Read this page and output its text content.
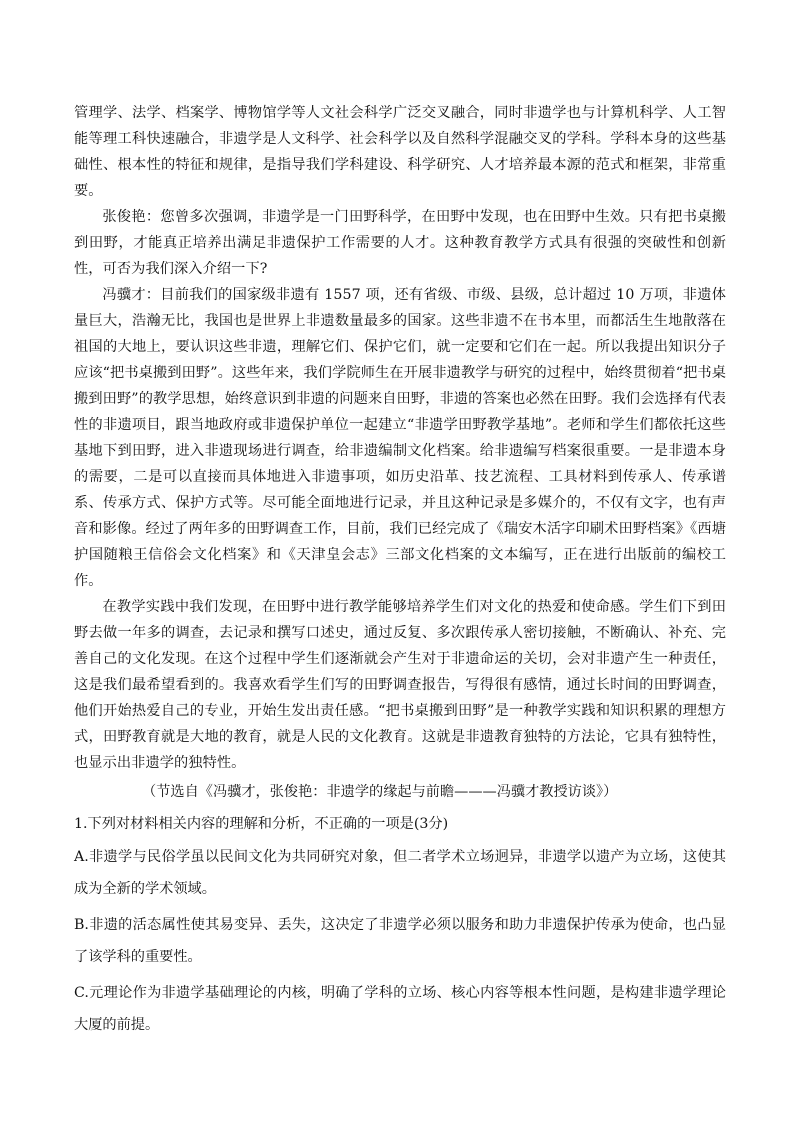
管理学、法学、档案学、博物馆学等人文社会科学广泛交叉融合，同时非遗学也与计算机科学、人工智能等理工科快速融合，非遗学是人文科学、社会科学以及自然科学混融交叉的学科。学科本身的这些基础性、根本性的特征和规律，是指导我们学科建设、科学研究、人才培养最本源的范式和框架，非常重要。

张俊艳：您曾多次强调，非遗学是一门田野科学，在田野中发现，也在田野中生效。只有把书桌搬到田野，才能真正培养出满足非遗保护工作需要的人才。这种教育教学方式具有很强的突破性和创新性，可否为我们深入介绍一下?

冯骥才：目前我们的国家级非遗有 1557 项，还有省级、市级、县级，总计超过 10 万项，非遗体量巨大，浩瀚无比，我国也是世界上非遗数量最多的国家。这些非遗不在书本里，而都活生生地散落在祖国的大地上，要认识这些非遗，理解它们、保护它们，就一定要和它们在一起。所以我提出知识分子应该“把书桌搬到田野”。这些年来，我们学院师生在开展非遗教学与研究的过程中，始终贯彻着“把书桌搬到田野”的教学思想，始终意识到非遗的问题来自田野，非遗的答案也必然在田野。我们会选择有代表性的非遗项目，跟当地政府或非遗保护单位一起建立“非遗学田野教学基地”。老师和学生们都依托这些基地下到田野，进入非遗现场进行调查，给非遗编制文化档案。给非遗编写档案很重要。一是非遗本身的需要，二是可以直接而具体地进入非遗事项，如历史沿革、技艺流程、工具材料到传承人、传承谱系、传承方式、保护方式等。尽可能全面地进行记录，并且这种记录是多媒介的，不仅有文字，也有声音和影像。经过了两年多的田野调查工作，目前，我们已经完成了《瑞安木活字印刷术田野档案》《西塘护国随粮王信俗会文化档案》和《天津皇会志》三部文化档案的文本编写，正在进行出版前的编校工作。

在教学实践中我们发现，在田野中进行教学能够培养学生们对文化的热爱和使命感。学生们下到田野去做一年多的调查，去记录和撰写口述史，通过反复、多次跟传承人密切接触，不断确认、补充、完善自己的文化发现。在这个过程中学生们逐渐就会产生对于非遗命运的关切，会对非遗产生一种责任，这是我们最希望看到的。我喜欢看学生们写的田野调查报告，写得很有感情，通过长时间的田野调查，他们开始热爱自己的专业，开始生发出责任感。“把书桌搬到田野”是一种教学实践和知识积累的理想方式，田野教育就是大地的教育，就是人民的文化教育。这就是非遗教育独特的方法论，它具有独特性，也显示出非遗学的独特性。

（节选自《冯骥才，张俊艳：非遗学的缘起与前瞻———冯骥才教授访谈》）

1.下列对材料相关内容的理解和分析，不正确的一项是(3分)

A.非遗学与民俗学虽以民间文化为共同研究对象，但二者学术立场迥异，非遗学以遗产为立场，这使其成为全新的学术领域。

B.非遗的活态属性使其易变异、丢失，这决定了非遗学必须以服务和助力非遗保护传承为使命，也凸显了该学科的重要性。

C.元理论作为非遗学基础理论的内核，明确了学科的立场、核心内容等根本性问题，是构建非遗学理论大厦的前提。
